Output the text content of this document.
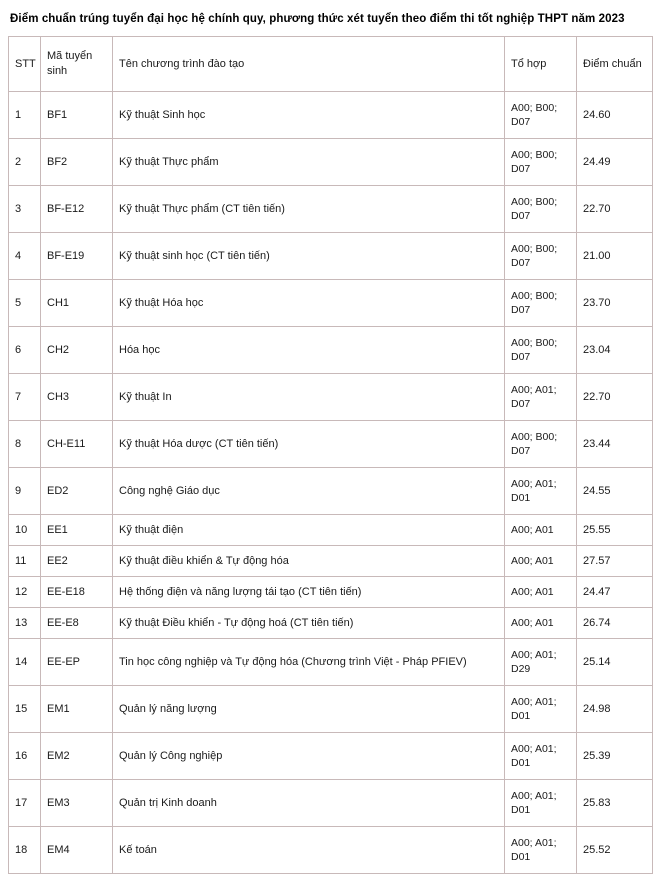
Điểm chuẩn trúng tuyển đại học hệ chính quy, phương thức xét tuyển theo điểm thi tốt nghiệp THPT năm 2023
STT	Mã tuyển sinh	Tên chương trình đào tạo	Tổ hợp	Điểm chuẩn
1	BF1	Kỹ thuật Sinh học	A00; B00; D07	24.60
2	BF2	Kỹ thuật Thực phẩm	A00; B00; D07	24.49
3	BF-E12	Kỹ thuật Thực phẩm (CT tiên tiến)	A00; B00; D07	22.70
4	BF-E19	Kỹ thuật sinh học (CT tiên tiến)	A00; B00; D07	21.00
5	CH1	Kỹ thuật Hóa học	A00; B00; D07	23.70
6	CH2	Hóa học	A00; B00; D07	23.04
7	CH3	Kỹ thuật In	A00; A01; D07	22.70
8	CH-E11	Kỹ thuật Hóa dược (CT tiên tiến)	A00; B00; D07	23.44
9	ED2	Công nghệ Giáo dục	A00; A01; D01	24.55
10	EE1	Kỹ thuật điện	A00; A01	25.55
11	EE2	Kỹ thuật điều khiển & Tự động hóa	A00; A01	27.57
12	EE-E18	Hệ thống điện và năng lượng tái tạo (CT tiên tiến)	A00; A01	24.47
13	EE-E8	Kỹ thuật Điều khiển - Tự động hoá (CT tiên tiến)	A00; A01	26.74
14	EE-EP	Tin học công nghiệp và Tự động hóa (Chương trình Việt - Pháp PFIEV)	A00; A01; D29	25.14
15	EM1	Quản lý năng lượng	A00; A01; D01	24.98
16	EM2	Quản lý Công nghiệp	A00; A01; D01	25.39
17	EM3	Quản trị Kinh doanh	A00; A01; D01	25.83
18	EM4	Kế toán	A00; A01; D01	25.52
